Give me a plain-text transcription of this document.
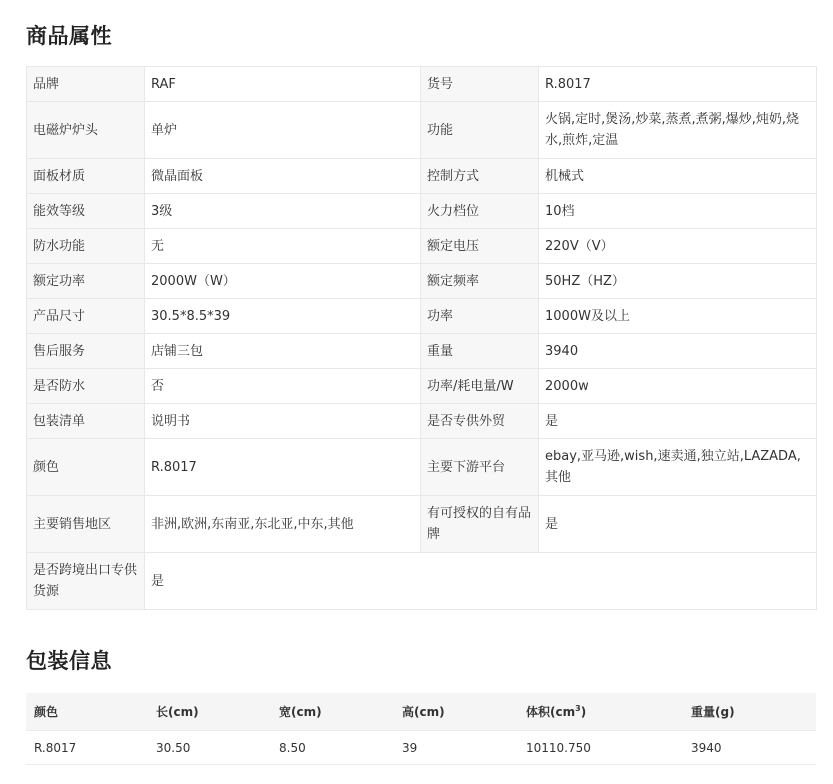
商品属性
品牌	RAF	货号	R.8017
电磁炉炉头	单炉	功能	火锅,定时,煲汤,炒菜,蒸煮,煮粥,爆炒,炖奶,烧水,煎炸,定温
面板材质	微晶面板	控制方式	机械式
能效等级	3级	火力档位	10档
防水功能	无	额定电压	220V（V）
额定功率	2000W（W）	额定频率	50HZ（HZ）
产品尺寸	30.5*8.5*39	功率	1000W及以上
售后服务	店铺三包	重量	3940
是否防水	否	功率/耗电量/W	2000w
包装清单	说明书	是否专供外贸	是
颜色	R.8017	主要下游平台	ebay,亚马逊,wish,速卖通,独立站,LAZADA,其他
主要销售地区	非洲,欧洲,东南亚,东北亚,中东,其他	有可授权的自有品牌	是
是否跨境出口专供货源	是		
包装信息
颜色	长(cm)	宽(cm)	高(cm)	体积$(cm^3)$	重量(g)
R.8017	30.50	8.50	39	10110.750	3940
